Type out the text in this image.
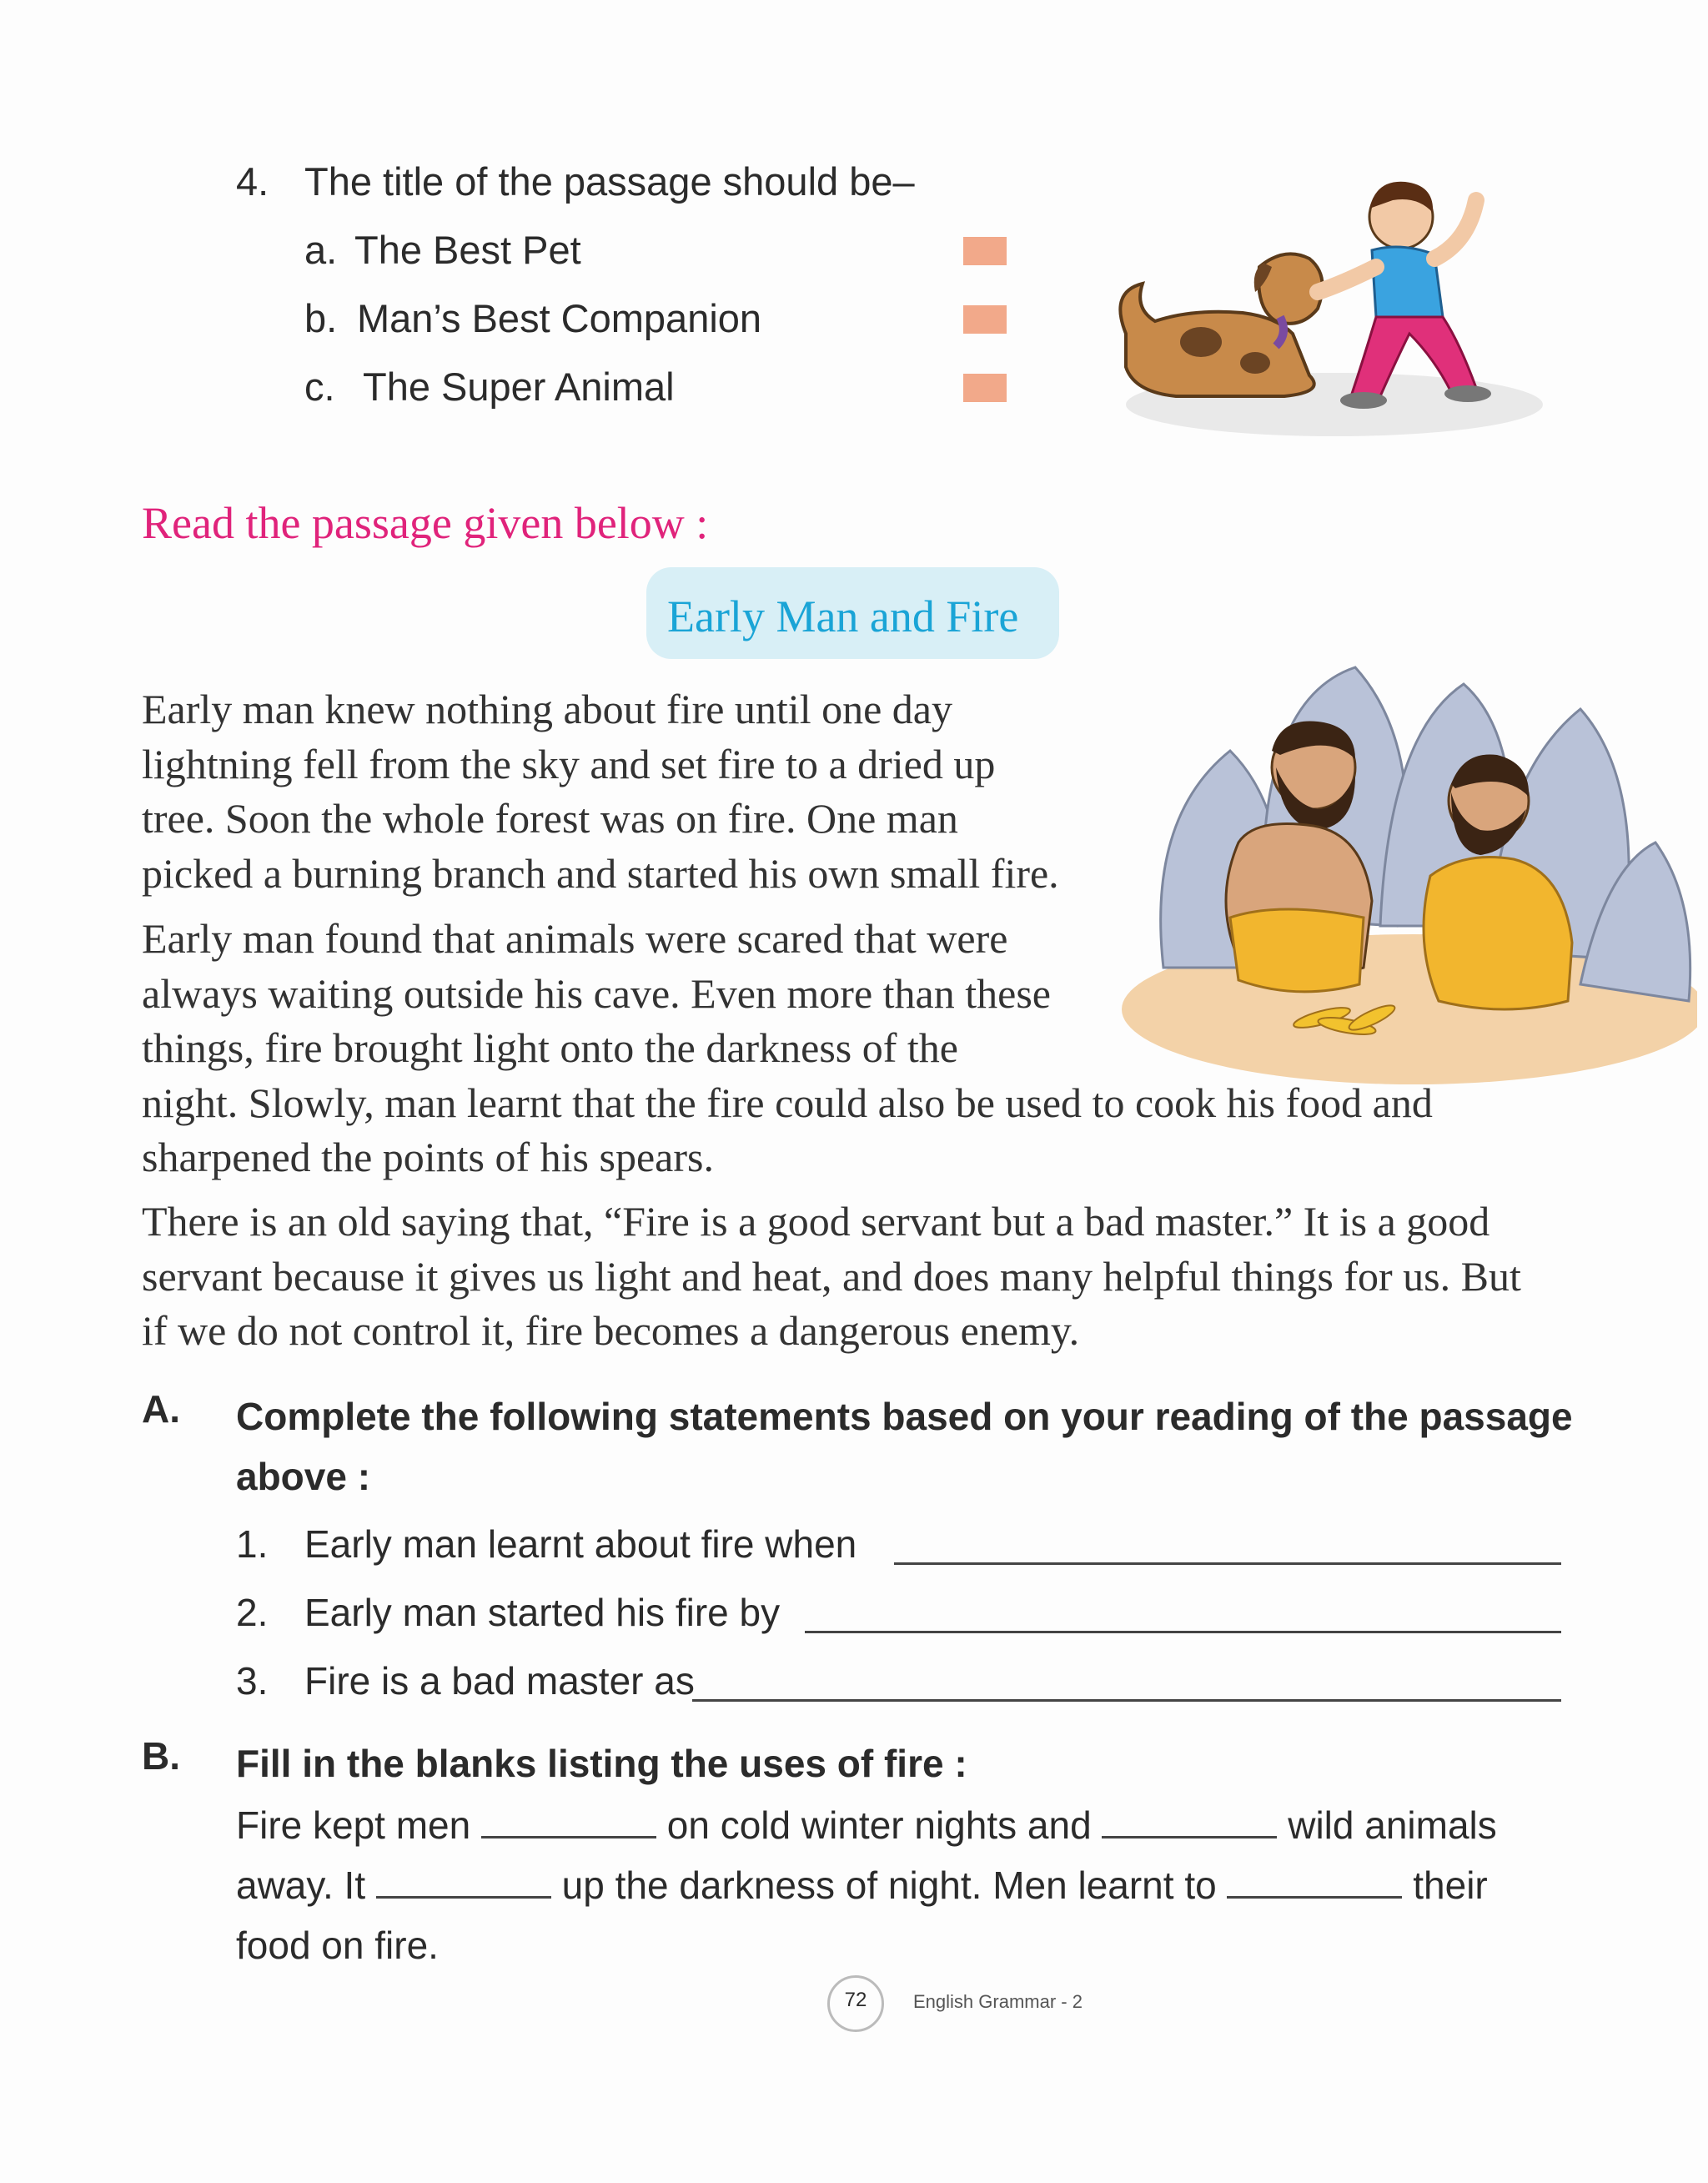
4. The title of the passage should be–
a. The Best Pet
b. Man’s Best Companion
c. The Super Animal
Read the passage given below :
Early Man and Fire
Early man knew nothing about fire until one day
lightning fell from the sky and set fire to a dried up
tree. Soon the whole forest was on fire. One man
picked a burning branch and started his own small fire.
Early man found that animals were scared that were
always waiting outside his cave. Even more than these
things, fire brought light onto the darkness of the
night. Slowly, man learnt that the fire could also be used to cook his food and
sharpened the points of his spears.
There is an old saying that, “Fire is a good servant but a bad master.” It is a good
servant because it gives us light and heat, and does many helpful things for us. But
if we do not control it, fire becomes a dangerous enemy.
A. Complete the following statements based on your reading of the passage
above :
1. Early man learnt about fire when
2. Early man started his fire by
3. Fire is a bad master as
B. Fill in the blanks listing the uses of fire :
Fire kept men	on cold winter nights and	wild animals
away. It	up the darkness of night. Men learnt to	their
food on fire.
72	English Grammar - 2
